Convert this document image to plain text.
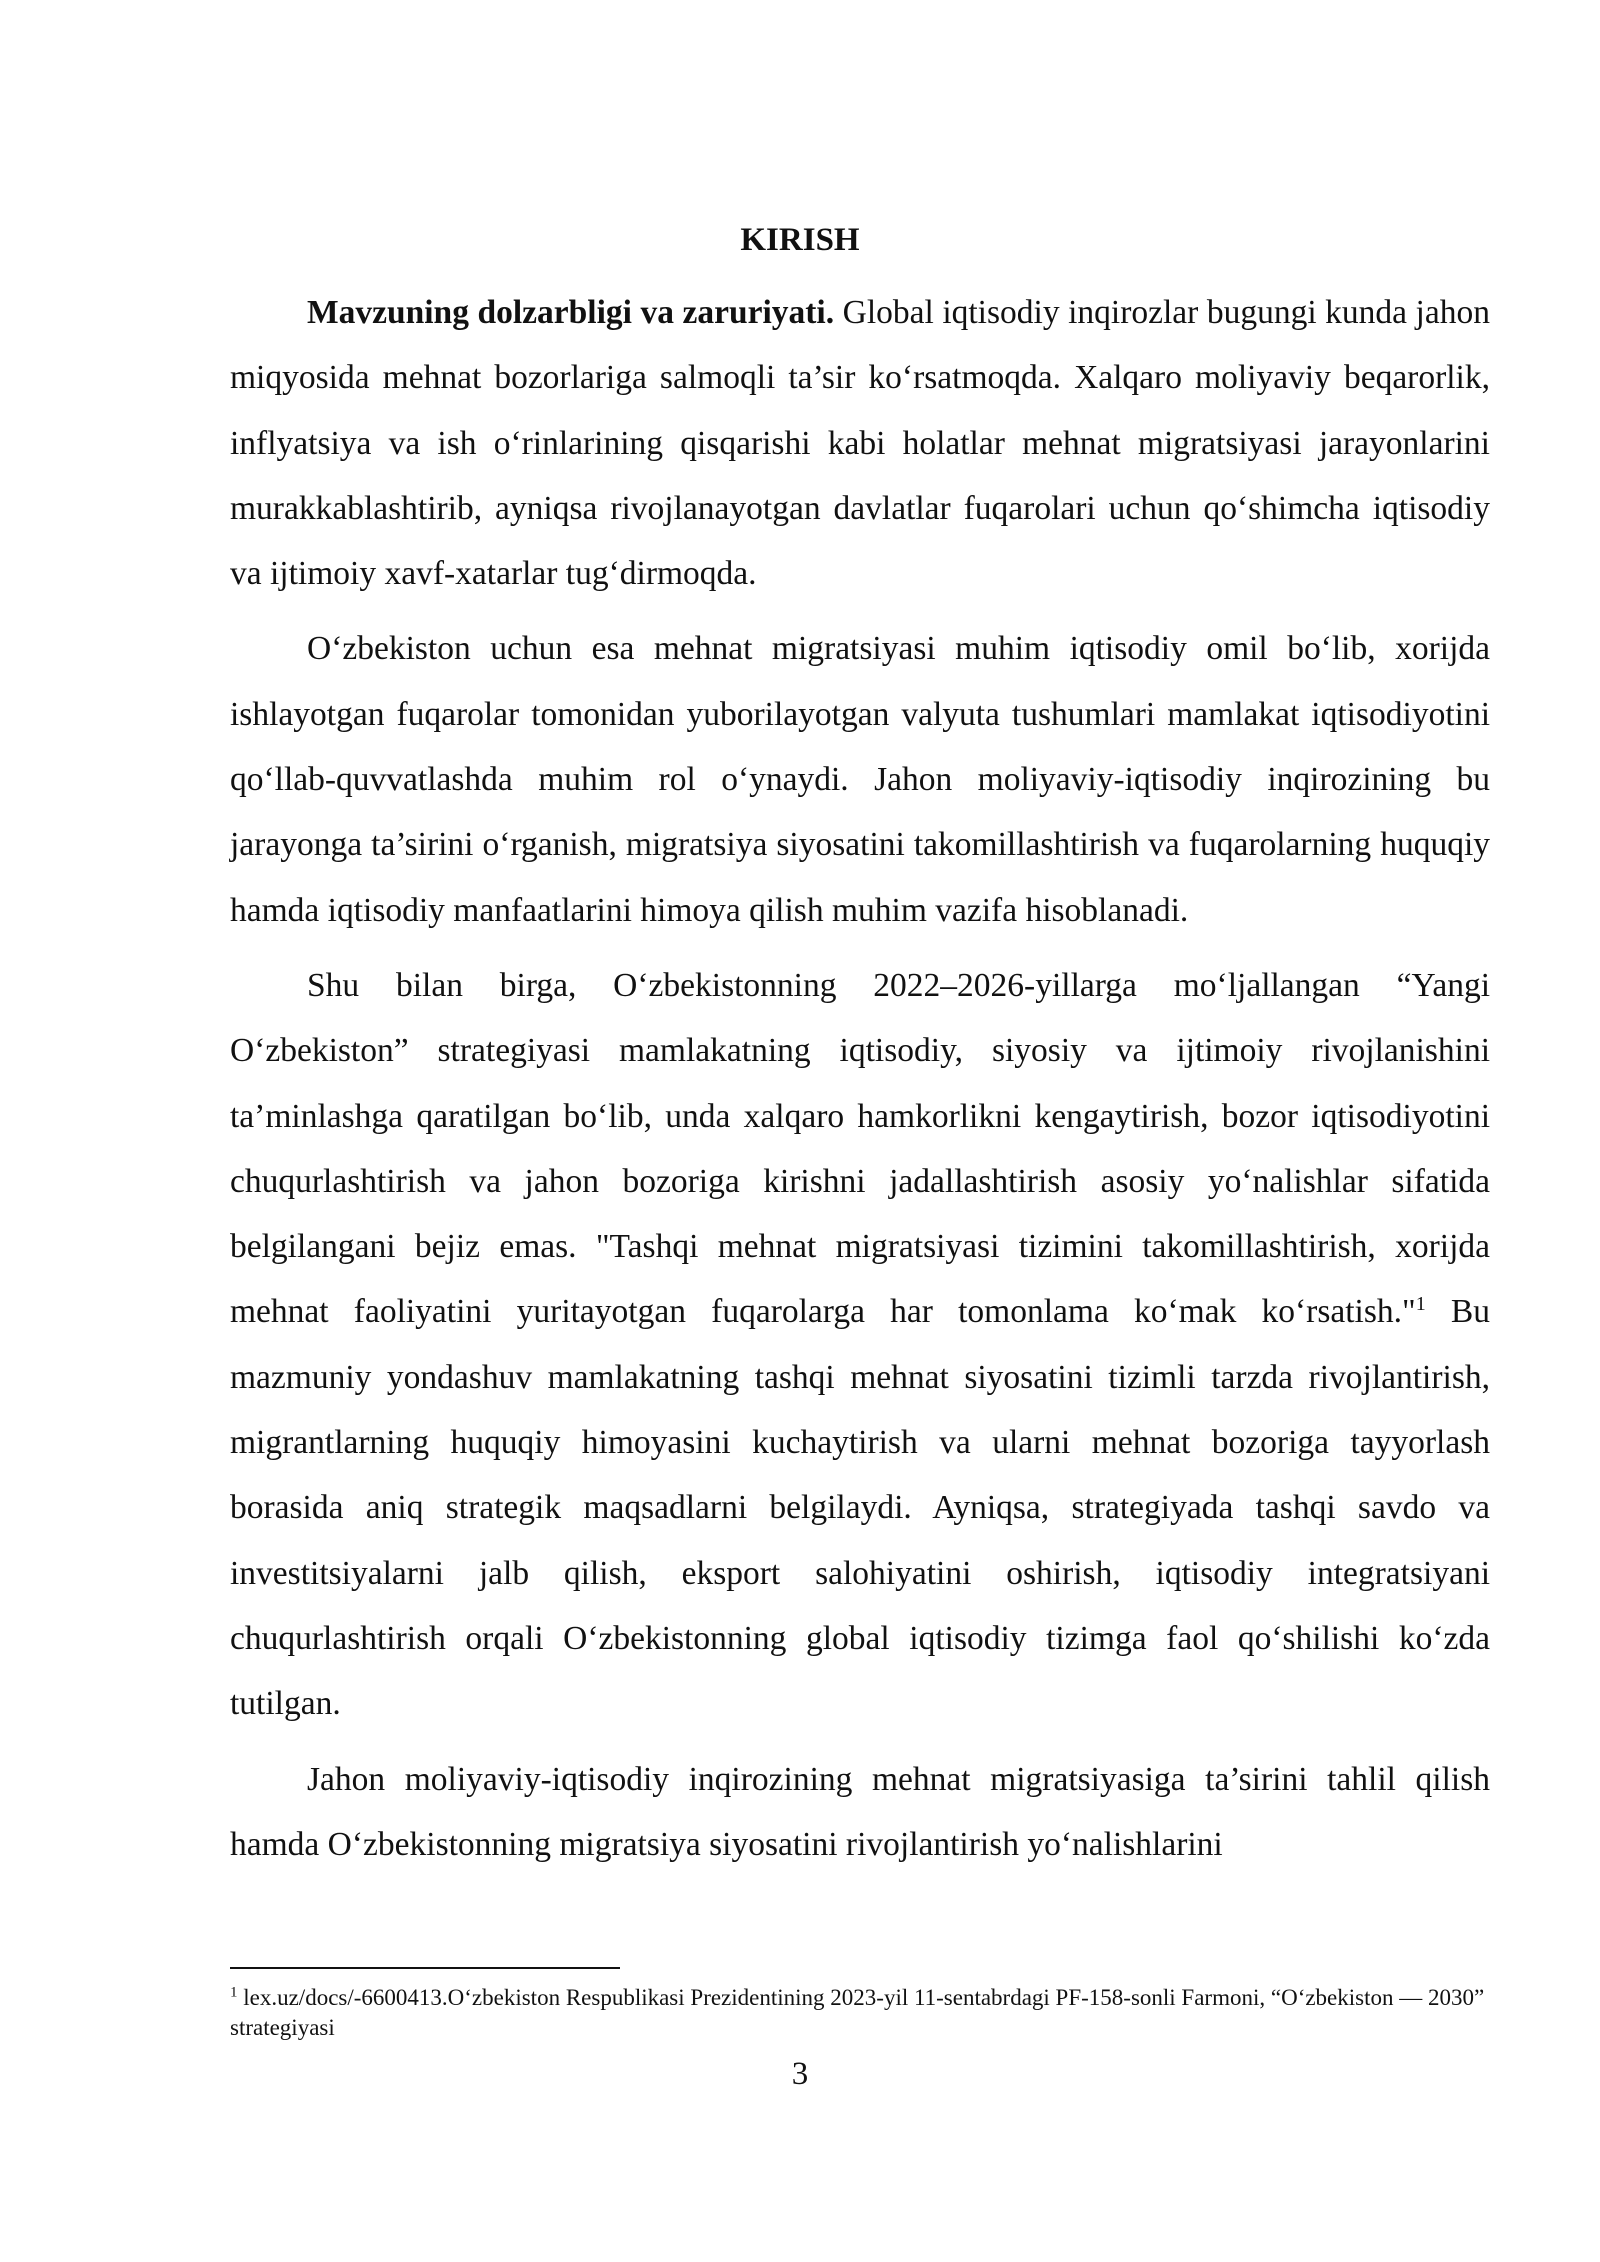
KIRISH

Mavzuning dolzarbligi va zaruriyati. Global iqtisodiy inqirozlar bugungi kunda jahon miqyosida mehnat bozorlariga salmoqli ta’sir ko‘rsatmoqda. Xalqaro moliyaviy beqarorlik, inflyatsiya va ish o‘rinlarining qisqarishi kabi holatlar mehnat migratsiyasi jarayonlarini murakkablashtirib, ayniqsa rivojlanayotgan davlatlar fuqarolari uchun qo‘shimcha iqtisodiy va ijtimoiy xavf-xatarlar tug‘dirmoqda.

O‘zbekiston uchun esa mehnat migratsiyasi muhim iqtisodiy omil bo‘lib, xorijda ishlayotgan fuqarolar tomonidan yuborilayotgan valyuta tushumlari mamlakat iqtisodiyotini qo‘llab-quvvatlashda muhim rol o‘ynaydi. Jahon moliyaviy-iqtisodiy inqirozining bu jarayonga ta’sirini o‘rganish, migratsiya siyosatini takomillashtirish va fuqarolarning huquqiy hamda iqtisodiy manfaatlarini himoya qilish muhim vazifa hisoblanadi.

Shu bilan birga, O‘zbekistonning 2022–2026-yillarga mo‘ljallangan “Yangi O‘zbekiston” strategiyasi mamlakatning iqtisodiy, siyosiy va ijtimoiy rivojlanishini ta’minlashga qaratilgan bo‘lib, unda xalqaro hamkorlikni kengaytirish, bozor iqtisodiyotini chuqurlashtirish va jahon bozoriga kirishni jadallashtirish asosiy yo‘nalishlar sifatida belgilangani bejiz emas. "Tashqi mehnat migratsiyasi tizimini takomillashtirish, xorijda mehnat faoliyatini yuritayotgan fuqarolarga har tomonlama ko‘mak ko‘rsatish."$^1$ Bu mazmuniy yondashuv mamlakatning tashqi mehnat siyosatini tizimli tarzda rivojlantirish, migrantlarning huquqiy himoyasini kuchaytirish va ularni mehnat bozoriga tayyorlash borasida aniq strategik maqsadlarni belgilaydi. Ayniqsa, strategiyada tashqi savdo va investitsiyalarni jalb qilish, eksport salohiyatini oshirish, iqtisodiy integratsiyani chuqurlashtirish orqali O‘zbekistonning global iqtisodiy tizimga faol qo‘shilishi ko‘zda tutilgan.

Jahon moliyaviy-iqtisodiy inqirozining mehnat migratsiyasiga ta’sirini tahlil qilish hamda O‘zbekistonning migratsiya siyosatini rivojlantirish yo‘nalishlarini

$^1$ lex.uz/docs/-6600413.O‘zbekiston Respublikasi Prezidentining 2023-yil 11-sentabrdagi PF-158-sonli Farmoni, “O‘zbekiston — 2030” strategiyasi

3
